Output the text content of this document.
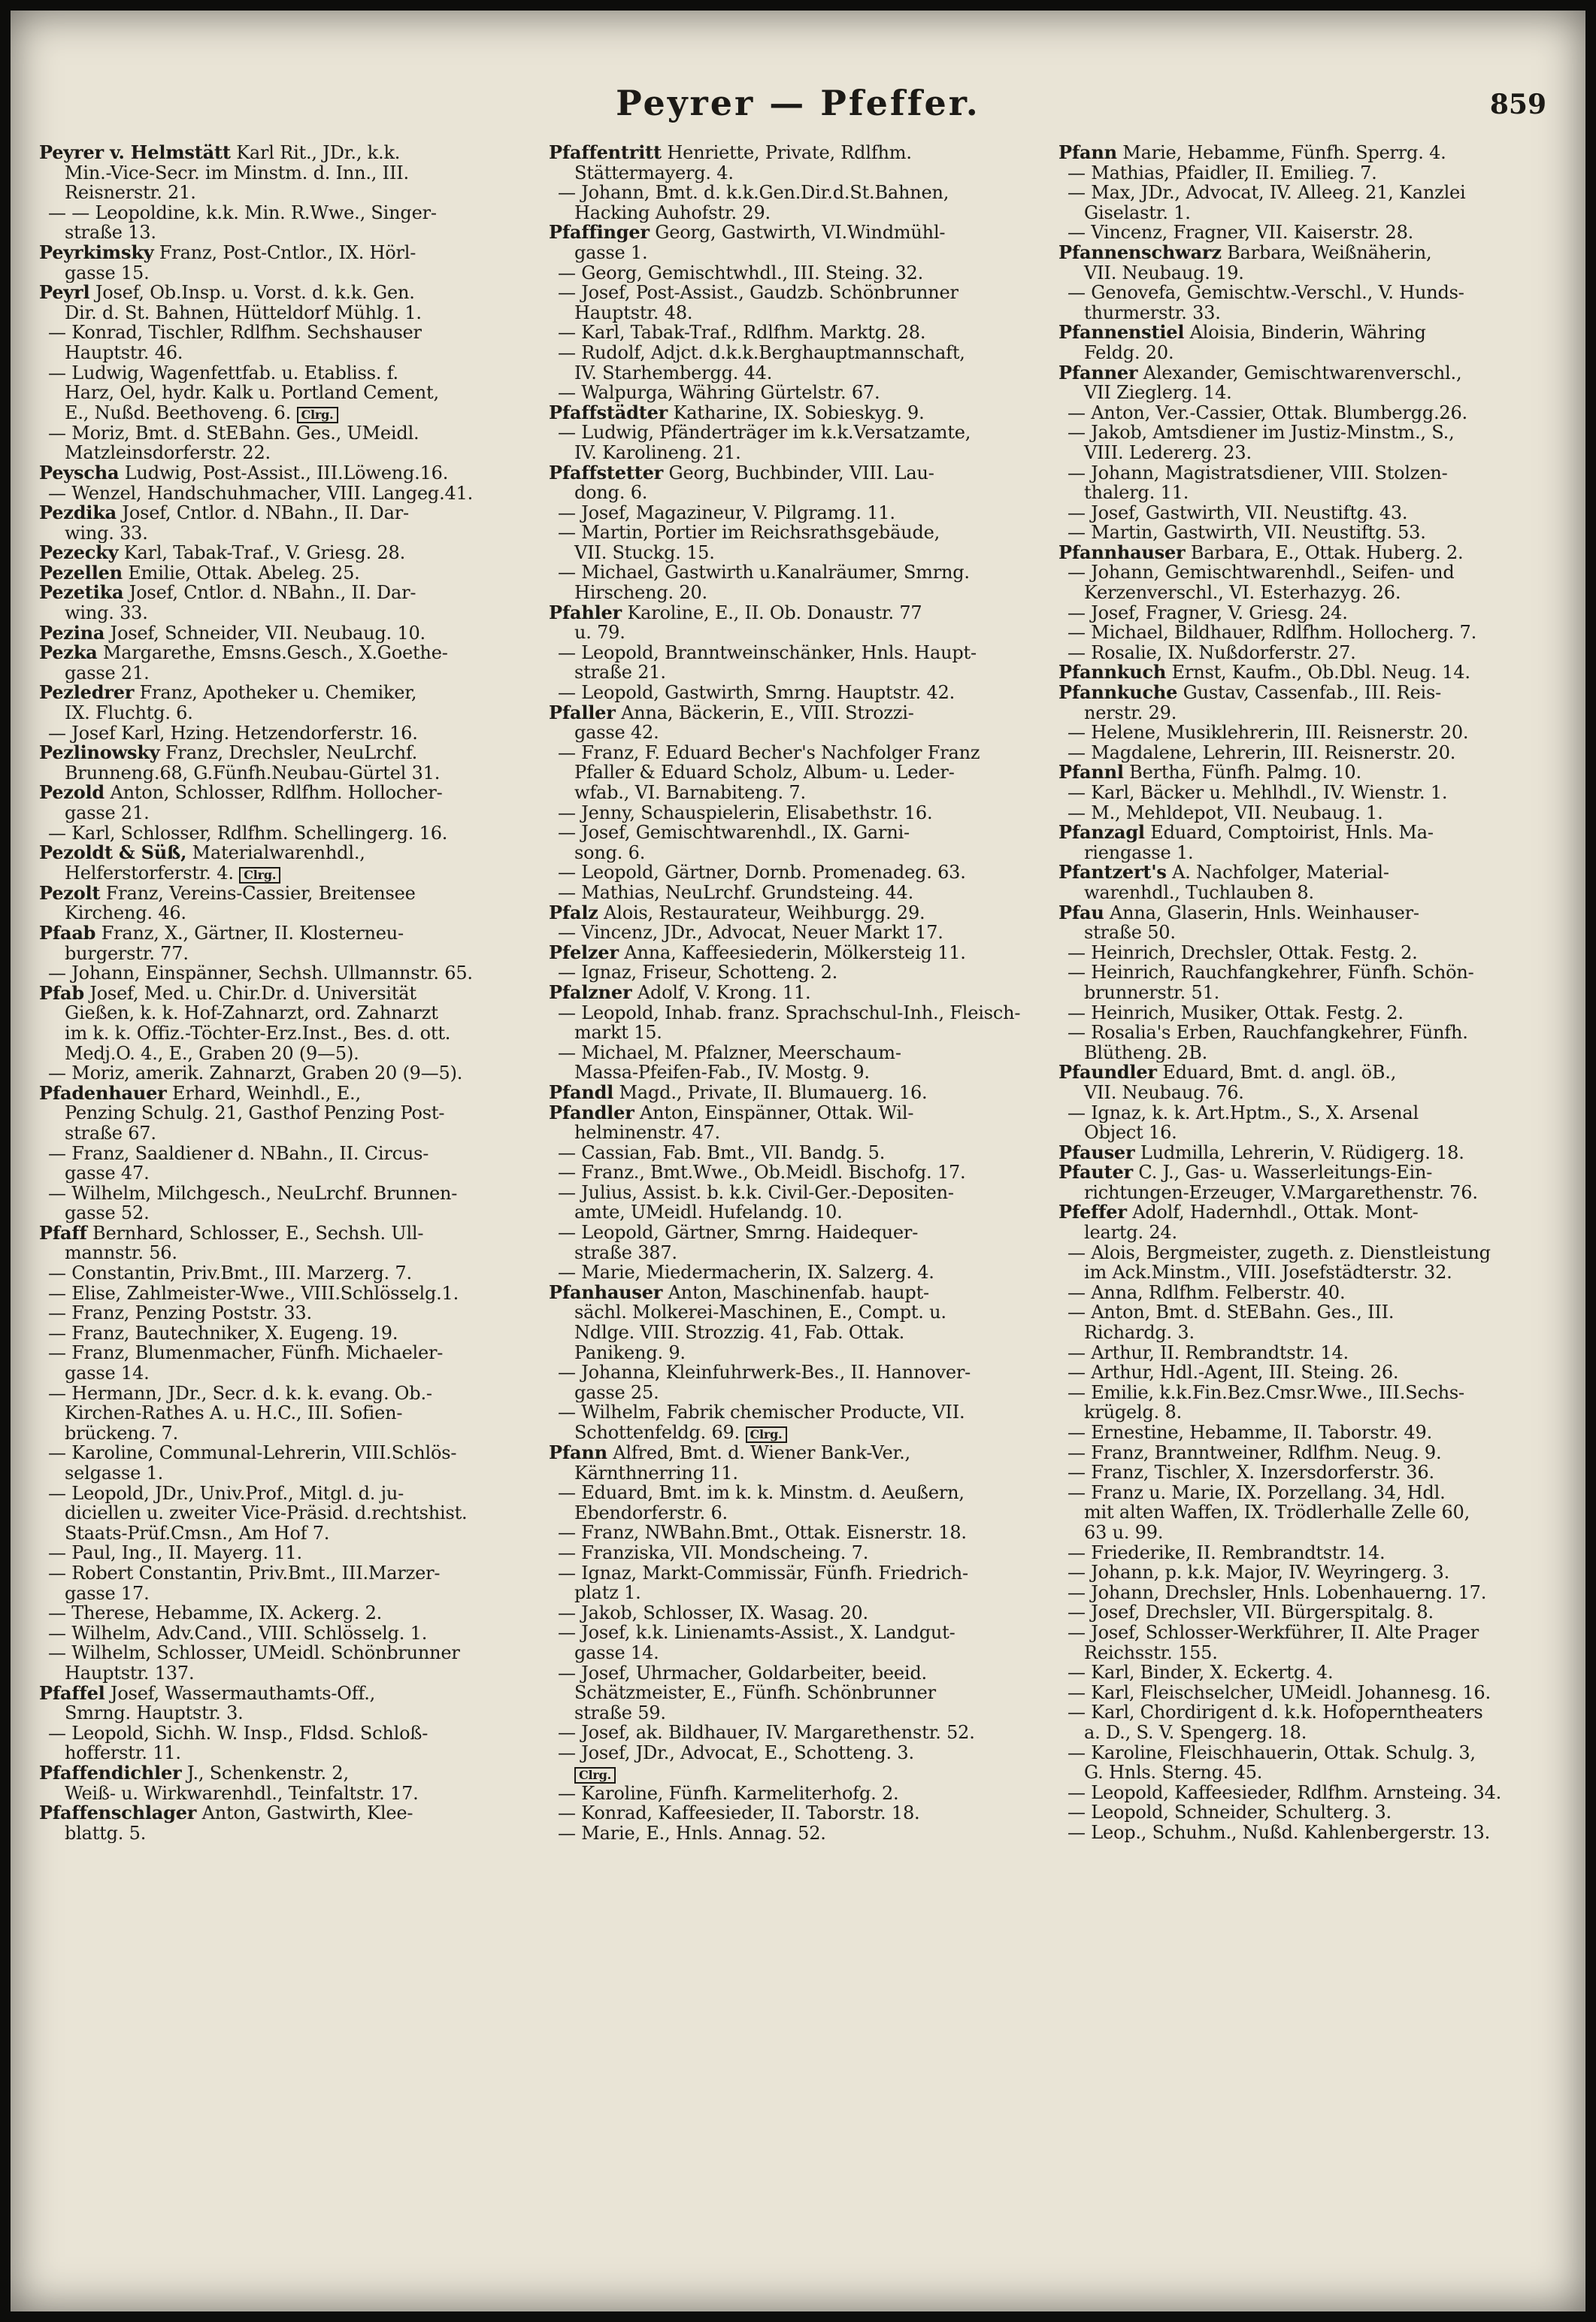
Peyrer — Pfeffer.	859
Peyrer v. Helmstätt Karl Rit., JDr., k.k.
Min.-Vice-Secr. im Minstm. d. Inn., III.
Reisnerstr. 21.
— — Leopoldine, k.k. Min. R.Wwe., Singer-
straße 13.
Peyrkimsky Franz, Post-Cntlor., IX. Hörl-
gasse 15.
Peyrl Josef, Ob.Insp. u. Vorst. d. k.k. Gen.
Dir. d. St. Bahnen, Hütteldorf Mühlg. 1.
— Konrad, Tischler, Rdlfhm. Sechshauser
Hauptstr. 46.
— Ludwig, Wagenfettfab. u. Etabliss. f.
Harz, Oel, hydr. Kalk u. Portland Cement,
E., Nußd. Beethoveng. 6. Clrg.
— Moriz, Bmt. d. StEBahn. Ges., UMeidl.
Matzleinsdorferstr. 22.
Peyscha Ludwig, Post-Assist., III.Löweng.16.
— Wenzel, Handschuhmacher, VIII. Langeg.41.
Pezdika Josef, Cntlor. d. NBahn., II. Dar-
wing. 33.
Pezecky Karl, Tabak-Traf., V. Griesg. 28.
Pezellen Emilie, Ottak. Abeleg. 25.
Pezetika Josef, Cntlor. d. NBahn., II. Dar-
wing. 33.
Pezina Josef, Schneider, VII. Neubaug. 10.
Pezka Margarethe, Emsns.Gesch., X.Goethe-
gasse 21.
Pezledrer Franz, Apotheker u. Chemiker,
IX. Fluchtg. 6.
— Josef Karl, Hzing. Hetzendorferstr. 16.
Pezlinowsky Franz, Drechsler, NeuLrchf.
Brunneng.68, G.Fünfh.Neubau-Gürtel 31.
Pezold Anton, Schlosser, Rdlfhm. Hollocher-
gasse 21.
— Karl, Schlosser, Rdlfhm. Schellingerg. 16.
Pezoldt & Süß, Materialwarenhdl.,
Helferstorferstr. 4. Clrg.
Pezolt Franz, Vereins-Cassier, Breitensee
Kircheng. 46.
Pfaab Franz, X., Gärtner, II. Klosterneu-
burgerstr. 77.
— Johann, Einspänner, Sechsh. Ullmannstr. 65.
Pfab Josef, Med. u. Chir.Dr. d. Universität
Gießen, k. k. Hof-Zahnarzt, ord. Zahnarzt
im k. k. Offiz.-Töchter-Erz.Inst., Bes. d. ott.
Medj.O. 4., E., Graben 20 (9—5).
— Moriz, amerik. Zahnarzt, Graben 20 (9—5).
Pfadenhauer Erhard, Weinhdl., E.,
Penzing Schulg. 21, Gasthof Penzing Post-
straße 67.
— Franz, Saaldiener d. NBahn., II. Circus-
gasse 47.
— Wilhelm, Milchgesch., NeuLrchf. Brunnen-
gasse 52.
Pfaff Bernhard, Schlosser, E., Sechsh. Ull-
mannstr. 56.
— Constantin, Priv.Bmt., III. Marzerg. 7.
— Elise, Zahlmeister-Wwe., VIII.Schlösselg.1.
— Franz, Penzing Poststr. 33.
— Franz, Bautechniker, X. Eugeng. 19.
— Franz, Blumenmacher, Fünfh. Michaeler-
gasse 14.
— Hermann, JDr., Secr. d. k. k. evang. Ob.-
Kirchen-Rathes A. u. H.C., III. Sofien-
brückeng. 7.
— Karoline, Communal-Lehrerin, VIII.Schlös-
selgasse 1.
— Leopold, JDr., Univ.Prof., Mitgl. d. ju-
diciellen u. zweiter Vice-Präsid. d.rechtshist.
Staats-Prüf.Cmsn., Am Hof 7.
— Paul, Ing., II. Mayerg. 11.
— Robert Constantin, Priv.Bmt., III.Marzer-
gasse 17.
— Therese, Hebamme, IX. Ackerg. 2.
— Wilhelm, Adv.Cand., VIII. Schlösselg. 1.
— Wilhelm, Schlosser, UMeidl. Schönbrunner
Hauptstr. 137.
Pfaffel Josef, Wassermauthamts-Off.,
Smrng. Hauptstr. 3.
— Leopold, Sichh. W. Insp., Fldsd. Schloß-
hofferstr. 11.
Pfaffendichler J., Schenkenstr. 2,
Weiß- u. Wirkwarenhdl., Teinfaltstr. 17.
Pfaffenschlager Anton, Gastwirth, Klee-
blattg. 5.
Pfaffentritt Henriette, Private, Rdlfhm.
Stättermayerg. 4.
— Johann, Bmt. d. k.k.Gen.Dir.d.St.Bahnen,
Hacking Auhofstr. 29.
Pfaffinger Georg, Gastwirth, VI.Windmühl-
gasse 1.
— Georg, Gemischtwhdl., III. Steing. 32.
— Josef, Post-Assist., Gaudzb. Schönbrunner
Hauptstr. 48.
— Karl, Tabak-Traf., Rdlfhm. Marktg. 28.
— Rudolf, Adjct. d.k.k.Berghauptmannschaft,
IV. Starhembergg. 44.
— Walpurga, Währing Gürtelstr. 67.
Pfaffstädter Katharine, IX. Sobieskyg. 9.
— Ludwig, Pfänderträger im k.k.Versatzamte,
IV. Karolineng. 21.
Pfaffstetter Georg, Buchbinder, VIII. Lau-
dong. 6.
— Josef, Magazineur, V. Pilgramg. 11.
— Martin, Portier im Reichsrathsgebäude,
VII. Stuckg. 15.
— Michael, Gastwirth u.Kanalräumer, Smrng.
Hirscheng. 20.
Pfahler Karoline, E., II. Ob. Donaustr. 77
u. 79.
— Leopold, Branntweinschänker, Hnls. Haupt-
straße 21.
— Leopold, Gastwirth, Smrng. Hauptstr. 42.
Pfaller Anna, Bäckerin, E., VIII. Strozzi-
gasse 42.
— Franz, F. Eduard Becher's Nachfolger Franz
Pfaller & Eduard Scholz, Album- u. Leder-
wfab., VI. Barnabiteng. 7.
— Jenny, Schauspielerin, Elisabethstr. 16.
— Josef, Gemischtwarenhdl., IX. Garni-
song. 6.
— Leopold, Gärtner, Dornb. Promenadeg. 63.
— Mathias, NeuLrchf. Grundsteing. 44.
Pfalz Alois, Restaurateur, Weihburgg. 29.
— Vincenz, JDr., Advocat, Neuer Markt 17.
Pfelzer Anna, Kaffeesiederin, Mölkersteig 11.
— Ignaz, Friseur, Schotteng. 2.
Pfalzner Adolf, V. Krong. 11.
— Leopold, Inhab. franz. Sprachschul-Inh., Fleisch-
markt 15.
— Michael, M. Pfalzner, Meerschaum-
Massa-Pfeifen-Fab., IV. Mostg. 9.
Pfandl Magd., Private, II. Blumauerg. 16.
Pfandler Anton, Einspänner, Ottak. Wil-
helminenstr. 47.
— Cassian, Fab. Bmt., VII. Bandg. 5.
— Franz., Bmt.Wwe., Ob.Meidl. Bischofg. 17.
— Julius, Assist. b. k.k. Civil-Ger.-Depositen-
amte, UMeidl. Hufelandg. 10.
— Leopold, Gärtner, Smrng. Haidequer-
straße 387.
— Marie, Miedermacherin, IX. Salzerg. 4.
Pfanhauser Anton, Maschinenfab. haupt-
sächl. Molkerei-Maschinen, E., Compt. u.
Ndlge. VIII. Strozzig. 41, Fab. Ottak.
Panikeng. 9.
— Johanna, Kleinfuhrwerk-Bes., II. Hannover-
gasse 25.
— Wilhelm, Fabrik chemischer Producte, VII.
Schottenfeldg. 69. Clrg.
Pfann Alfred, Bmt. d. Wiener Bank-Ver.,
Kärnthnerring 11.
— Eduard, Bmt. im k. k. Minstm. d. Aeußern,
Ebendorferstr. 6.
— Franz, NWBahn.Bmt., Ottak. Eisnerstr. 18.
— Franziska, VII. Mondscheing. 7.
— Ignaz, Markt-Commissär, Fünfh. Friedrich-
platz 1.
— Jakob, Schlosser, IX. Wasag. 20.
— Josef, k.k. Linienamts-Assist., X. Landgut-
gasse 14.
— Josef, Uhrmacher, Goldarbeiter, beeid.
Schätzmeister, E., Fünfh. Schönbrunner
straße 59.
— Josef, ak. Bildhauer, IV. Margarethenstr. 52.
— Josef, JDr., Advocat, E., Schotteng. 3.
Clrg.
— Karoline, Fünfh. Karmeliterhofg. 2.
— Konrad, Kaffeesieder, II. Taborstr. 18.
— Marie, E., Hnls. Annag. 52.
Pfann Marie, Hebamme, Fünfh. Sperrg. 4.
— Mathias, Pfaidler, II. Emilieg. 7.
— Max, JDr., Advocat, IV. Alleeg. 21, Kanzlei
Giselastr. 1.
— Vincenz, Fragner, VII. Kaiserstr. 28.
Pfannenschwarz Barbara, Weißnäherin,
VII. Neubaug. 19.
— Genovefa, Gemischtw.-Verschl., V. Hunds-
thurmerstr. 33.
Pfannenstiel Aloisia, Binderin, Währing
Feldg. 20.
Pfanner Alexander, Gemischtwarenverschl.,
VII Zieglerg. 14.
— Anton, Ver.-Cassier, Ottak. Blumbergg.26.
— Jakob, Amtsdiener im Justiz-Minstm., S.,
VIII. Ledererg. 23.
— Johann, Magistratsdiener, VIII. Stolzen-
thalerg. 11.
— Josef, Gastwirth, VII. Neustiftg. 43.
— Martin, Gastwirth, VII. Neustiftg. 53.
Pfannhauser Barbara, E., Ottak. Huberg. 2.
— Johann, Gemischtwarenhdl., Seifen- und
Kerzenverschl., VI. Esterhazyg. 26.
— Josef, Fragner, V. Griesg. 24.
— Michael, Bildhauer, Rdlfhm. Hollocherg. 7.
— Rosalie, IX. Nußdorferstr. 27.
Pfannkuch Ernst, Kaufm., Ob.Dbl. Neug. 14.
Pfannkuche Gustav, Cassenfab., III. Reis-
nerstr. 29.
— Helene, Musiklehrerin, III. Reisnerstr. 20.
— Magdalene, Lehrerin, III. Reisnerstr. 20.
Pfannl Bertha, Fünfh. Palmg. 10.
— Karl, Bäcker u. Mehlhdl., IV. Wienstr. 1.
— M., Mehldepot, VII. Neubaug. 1.
Pfanzagl Eduard, Comptoirist, Hnls. Ma-
riengasse 1.
Pfantzert's A. Nachfolger, Material-
warenhdl., Tuchlauben 8.
Pfau Anna, Glaserin, Hnls. Weinhauser-
straße 50.
— Heinrich, Drechsler, Ottak. Festg. 2.
— Heinrich, Rauchfangkehrer, Fünfh. Schön-
brunnerstr. 51.
— Heinrich, Musiker, Ottak. Festg. 2.
— Rosalia's Erben, Rauchfangkehrer, Fünfh.
Blütheng. 2B.
Pfaundler Eduard, Bmt. d. angl. öB.,
VII. Neubaug. 76.
— Ignaz, k. k. Art.Hptm., S., X. Arsenal
Object 16.
Pfauser Ludmilla, Lehrerin, V. Rüdigerg. 18.
Pfauter C. J., Gas- u. Wasserleitungs-Ein-
richtungen-Erzeuger, V.Margarethenstr. 76.
Pfeffer Adolf, Hadernhdl., Ottak. Mont-
leartg. 24.
— Alois, Bergmeister, zugeth. z. Dienstleistung
im Ack.Minstm., VIII. Josefstädterstr. 32.
— Anna, Rdlfhm. Felberstr. 40.
— Anton, Bmt. d. StEBahn. Ges., III.
Richardg. 3.
— Arthur, II. Rembrandtstr. 14.
— Arthur, Hdl.-Agent, III. Steing. 26.
— Emilie, k.k.Fin.Bez.Cmsr.Wwe., III.Sechs-
krügelg. 8.
— Ernestine, Hebamme, II. Taborstr. 49.
— Franz, Branntweiner, Rdlfhm. Neug. 9.
— Franz, Tischler, X. Inzersdorferstr. 36.
— Franz u. Marie, IX. Porzellang. 34, Hdl.
mit alten Waffen, IX. Trödlerhalle Zelle 60,
63 u. 99.
— Friederike, II. Rembrandtstr. 14.
— Johann, p. k.k. Major, IV. Weyringerg. 3.
— Johann, Drechsler, Hnls. Lobenhauerng. 17.
— Josef, Drechsler, VII. Bürgerspitalg. 8.
— Josef, Schlosser-Werkführer, II. Alte Prager
Reichsstr. 155.
— Karl, Binder, X. Eckertg. 4.
— Karl, Fleischselcher, UMeidl. Johannesg. 16.
— Karl, Chordirigent d. k.k. Hofoperntheaters
a. D., S. V. Spengerg. 18.
— Karoline, Fleischhauerin, Ottak. Schulg. 3,
G. Hnls. Sterng. 45.
— Leopold, Kaffeesieder, Rdlfhm. Arnsteing. 34.
— Leopold, Schneider, Schulterg. 3.
— Leop., Schuhm., Nußd. Kahlenbergerstr. 13.
